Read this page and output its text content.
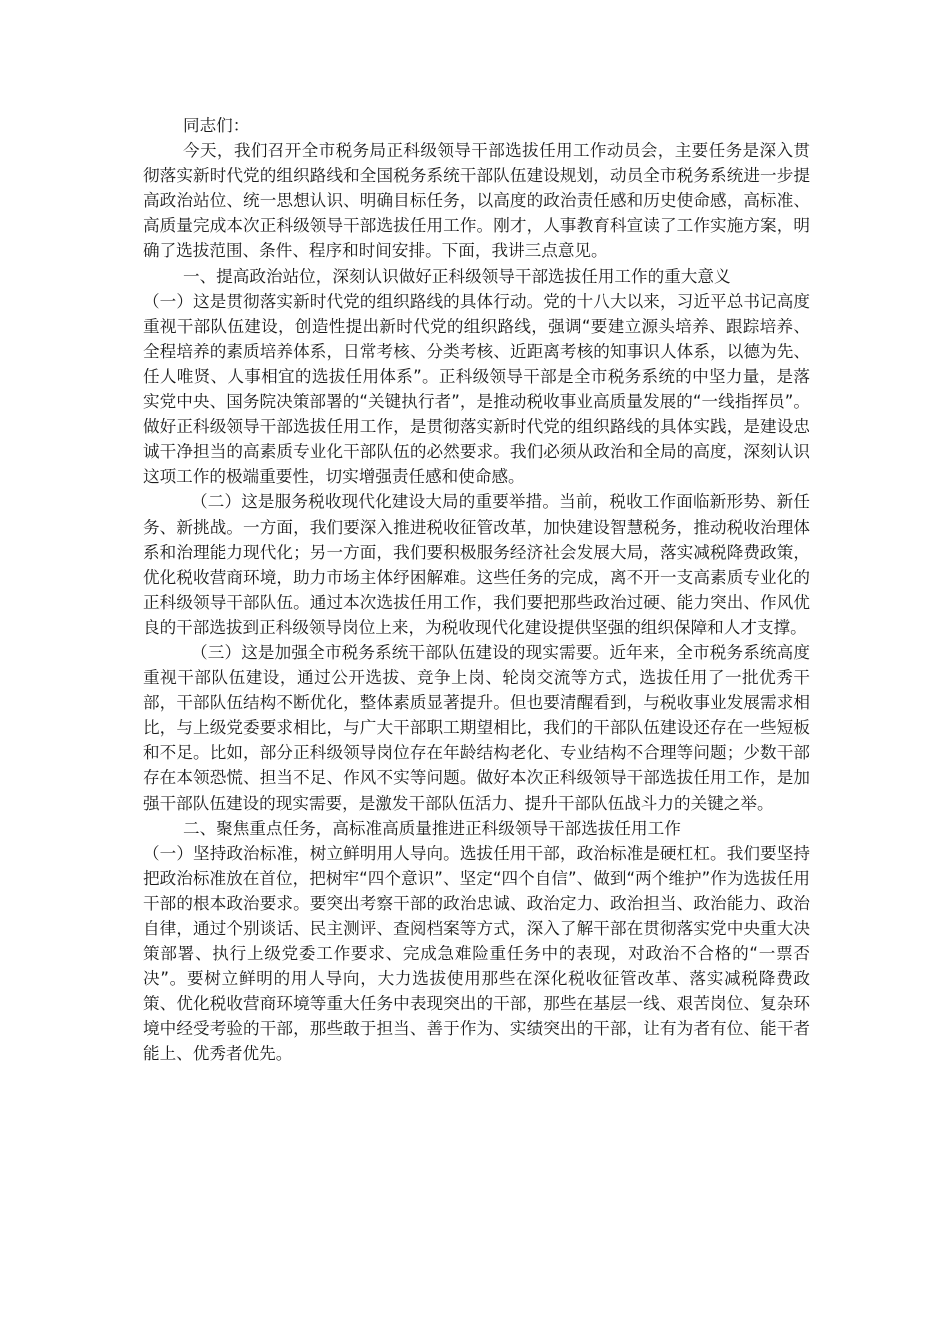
同志们：

今天，我们召开全市税务局正科级领导干部选拔任用工作动员会，主要任务是深入贯彻落实新时代党的组织路线和全国税务系统干部队伍建设规划，动员全市税务系统进一步提高政治站位、统一思想认识、明确目标任务，以高度的政治责任感和历史使命感，高标准、高质量完成本次正科级领导干部选拔任用工作。刚才，人事教育科宣读了工作实施方案，明确了选拔范围、条件、程序和时间安排。下面，我讲三点意见。

一、提高政治站位，深刻认识做好正科级领导干部选拔任用工作的重大意义

（一）这是贯彻落实新时代党的组织路线的具体行动。党的十八大以来，习近平总书记高度重视干部队伍建设，创造性提出新时代党的组织路线，强调“要建立源头培养、跟踪培养、全程培养的素质培养体系，日常考核、分类考核、近距离考核的知事识人体系，以德为先、任人唯贤、人事相宜的选拔任用体系”。正科级领导干部是全市税务系统的中坚力量，是落实党中央、国务院决策部署的“关键执行者”，是推动税收事业高质量发展的“一线指挥员”。做好正科级领导干部选拔任用工作，是贯彻落实新时代党的组织路线的具体实践，是建设忠诚干净担当的高素质专业化干部队伍的必然要求。我们必须从政治和全局的高度，深刻认识这项工作的极端重要性，切实增强责任感和使命感。

（二）这是服务税收现代化建设大局的重要举措。当前，税收工作面临新形势、新任务、新挑战。一方面，我们要深入推进税收征管改革，加快建设智慧税务，推动税收治理体系和治理能力现代化；另一方面，我们要积极服务经济社会发展大局，落实减税降费政策，优化税收营商环境，助力市场主体纾困解难。这些任务的完成，离不开一支高素质专业化的正科级领导干部队伍。通过本次选拔任用工作，我们要把那些政治过硬、能力突出、作风优良的干部选拔到正科级领导岗位上来，为税收现代化建设提供坚强的组织保障和人才支撑。

（三）这是加强全市税务系统干部队伍建设的现实需要。近年来，全市税务系统高度重视干部队伍建设，通过公开选拔、竞争上岗、轮岗交流等方式，选拔任用了一批优秀干部，干部队伍结构不断优化，整体素质显著提升。但也要清醒看到，与税收事业发展需求相比，与上级党委要求相比，与广大干部职工期望相比，我们的干部队伍建设还存在一些短板和不足。比如，部分正科级领导岗位存在年龄结构老化、专业结构不合理等问题；少数干部存在本领恐慌、担当不足、作风不实等问题。做好本次正科级领导干部选拔任用工作，是加强干部队伍建设的现实需要，是激发干部队伍活力、提升干部队伍战斗力的关键之举。

二、聚焦重点任务，高标准高质量推进正科级领导干部选拔任用工作

（一）坚持政治标准，树立鲜明用人导向。选拔任用干部，政治标准是硬杠杠。我们要坚持把政治标准放在首位，把树牢“四个意识”、坚定“四个自信”、做到“两个维护”作为选拔任用干部的根本政治要求。要突出考察干部的政治忠诚、政治定力、政治担当、政治能力、政治自律，通过个别谈话、民主测评、查阅档案等方式，深入了解干部在贯彻落实党中央重大决策部署、执行上级党委工作要求、完成急难险重任务中的表现，对政治不合格的“一票否决”。要树立鲜明的用人导向，大力选拔使用那些在深化税收征管改革、落实减税降费政策、优化税收营商环境等重大任务中表现突出的干部，那些在基层一线、艰苦岗位、复杂环境中经受考验的干部，那些敢于担当、善于作为、实绩突出的干部，让有为者有位、能干者能上、优秀者优先。
